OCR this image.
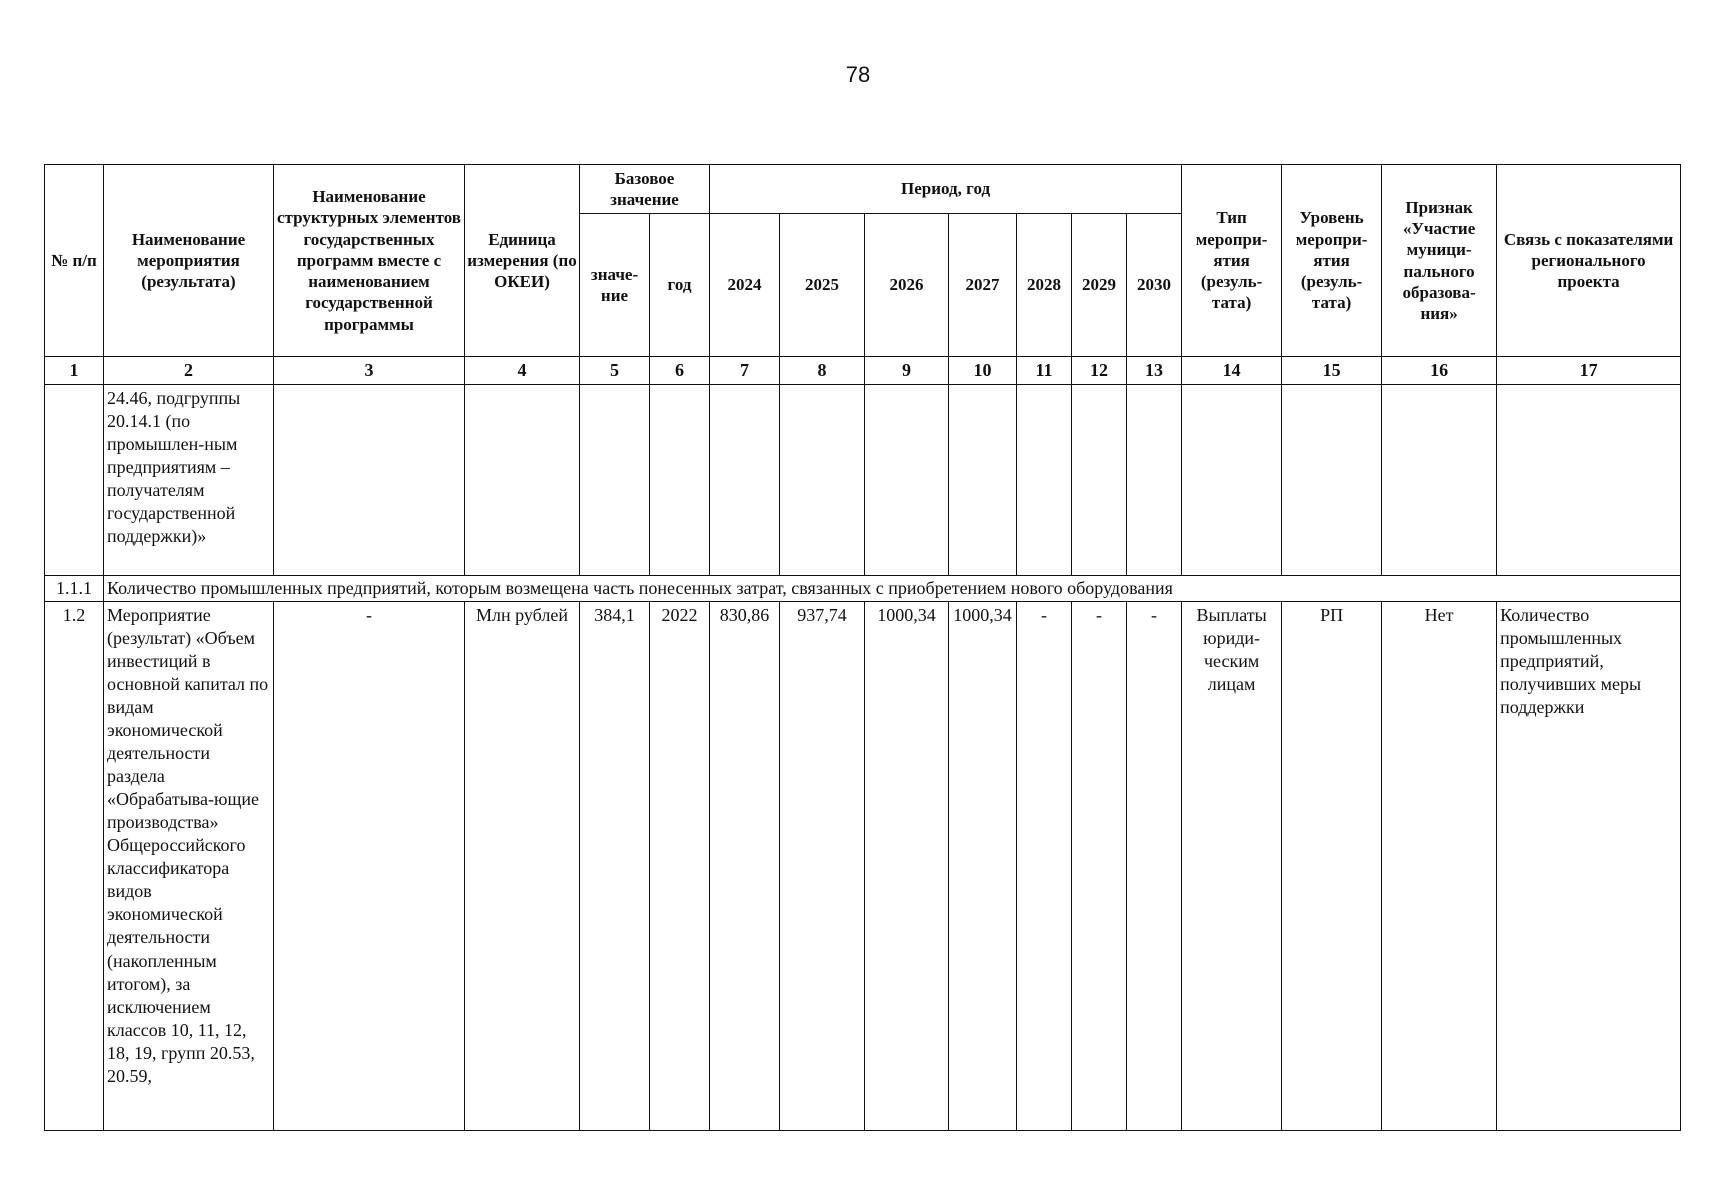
78
№ п/п	Наименование мероприятия (результата)	Наименование структурных элементов государственных программ вместе с наименованием государственной программы	Единица измерения (по ОКЕИ)	Базовое значение		Период, год							Тип меропри-ятия (резуль-тата)	Уровень меропри-ятия (резуль-тата)	Признак «Участие муници-пального образова-ния»	Связь с показателями регионального проекта
				значе-ние	год	2024	2025	2026	2027	2028	2029	2030				
1	2	3	4	5	6	7	8	9	10	11	12	13	14	15	16	17
	24.46, подгруппы 20.14.1 (по промышлен-ным предприятиям – получателям государственной поддержки)»															
1.1.1	Количество промышленных предприятий, которым возмещена часть понесенных затрат, связанных с приобретением нового оборудования															
1.2	Мероприятие (результат) «Объем инвестиций в основной капитал по видам экономической деятельности раздела «Обрабатыва-ющие производства» Общероссийского классификатора видов экономической деятельности (накопленным итогом), за исключением классов 10, 11, 12, 18, 19, групп 20.53, 20.59,	-	Млн рублей	384,1	2022	830,86	937,74	1000,34	1000,34	-	-	-	Выплаты юриди-ческим лицам	РП	Нет	Количество промышленных предприятий, получивших меры поддержки
